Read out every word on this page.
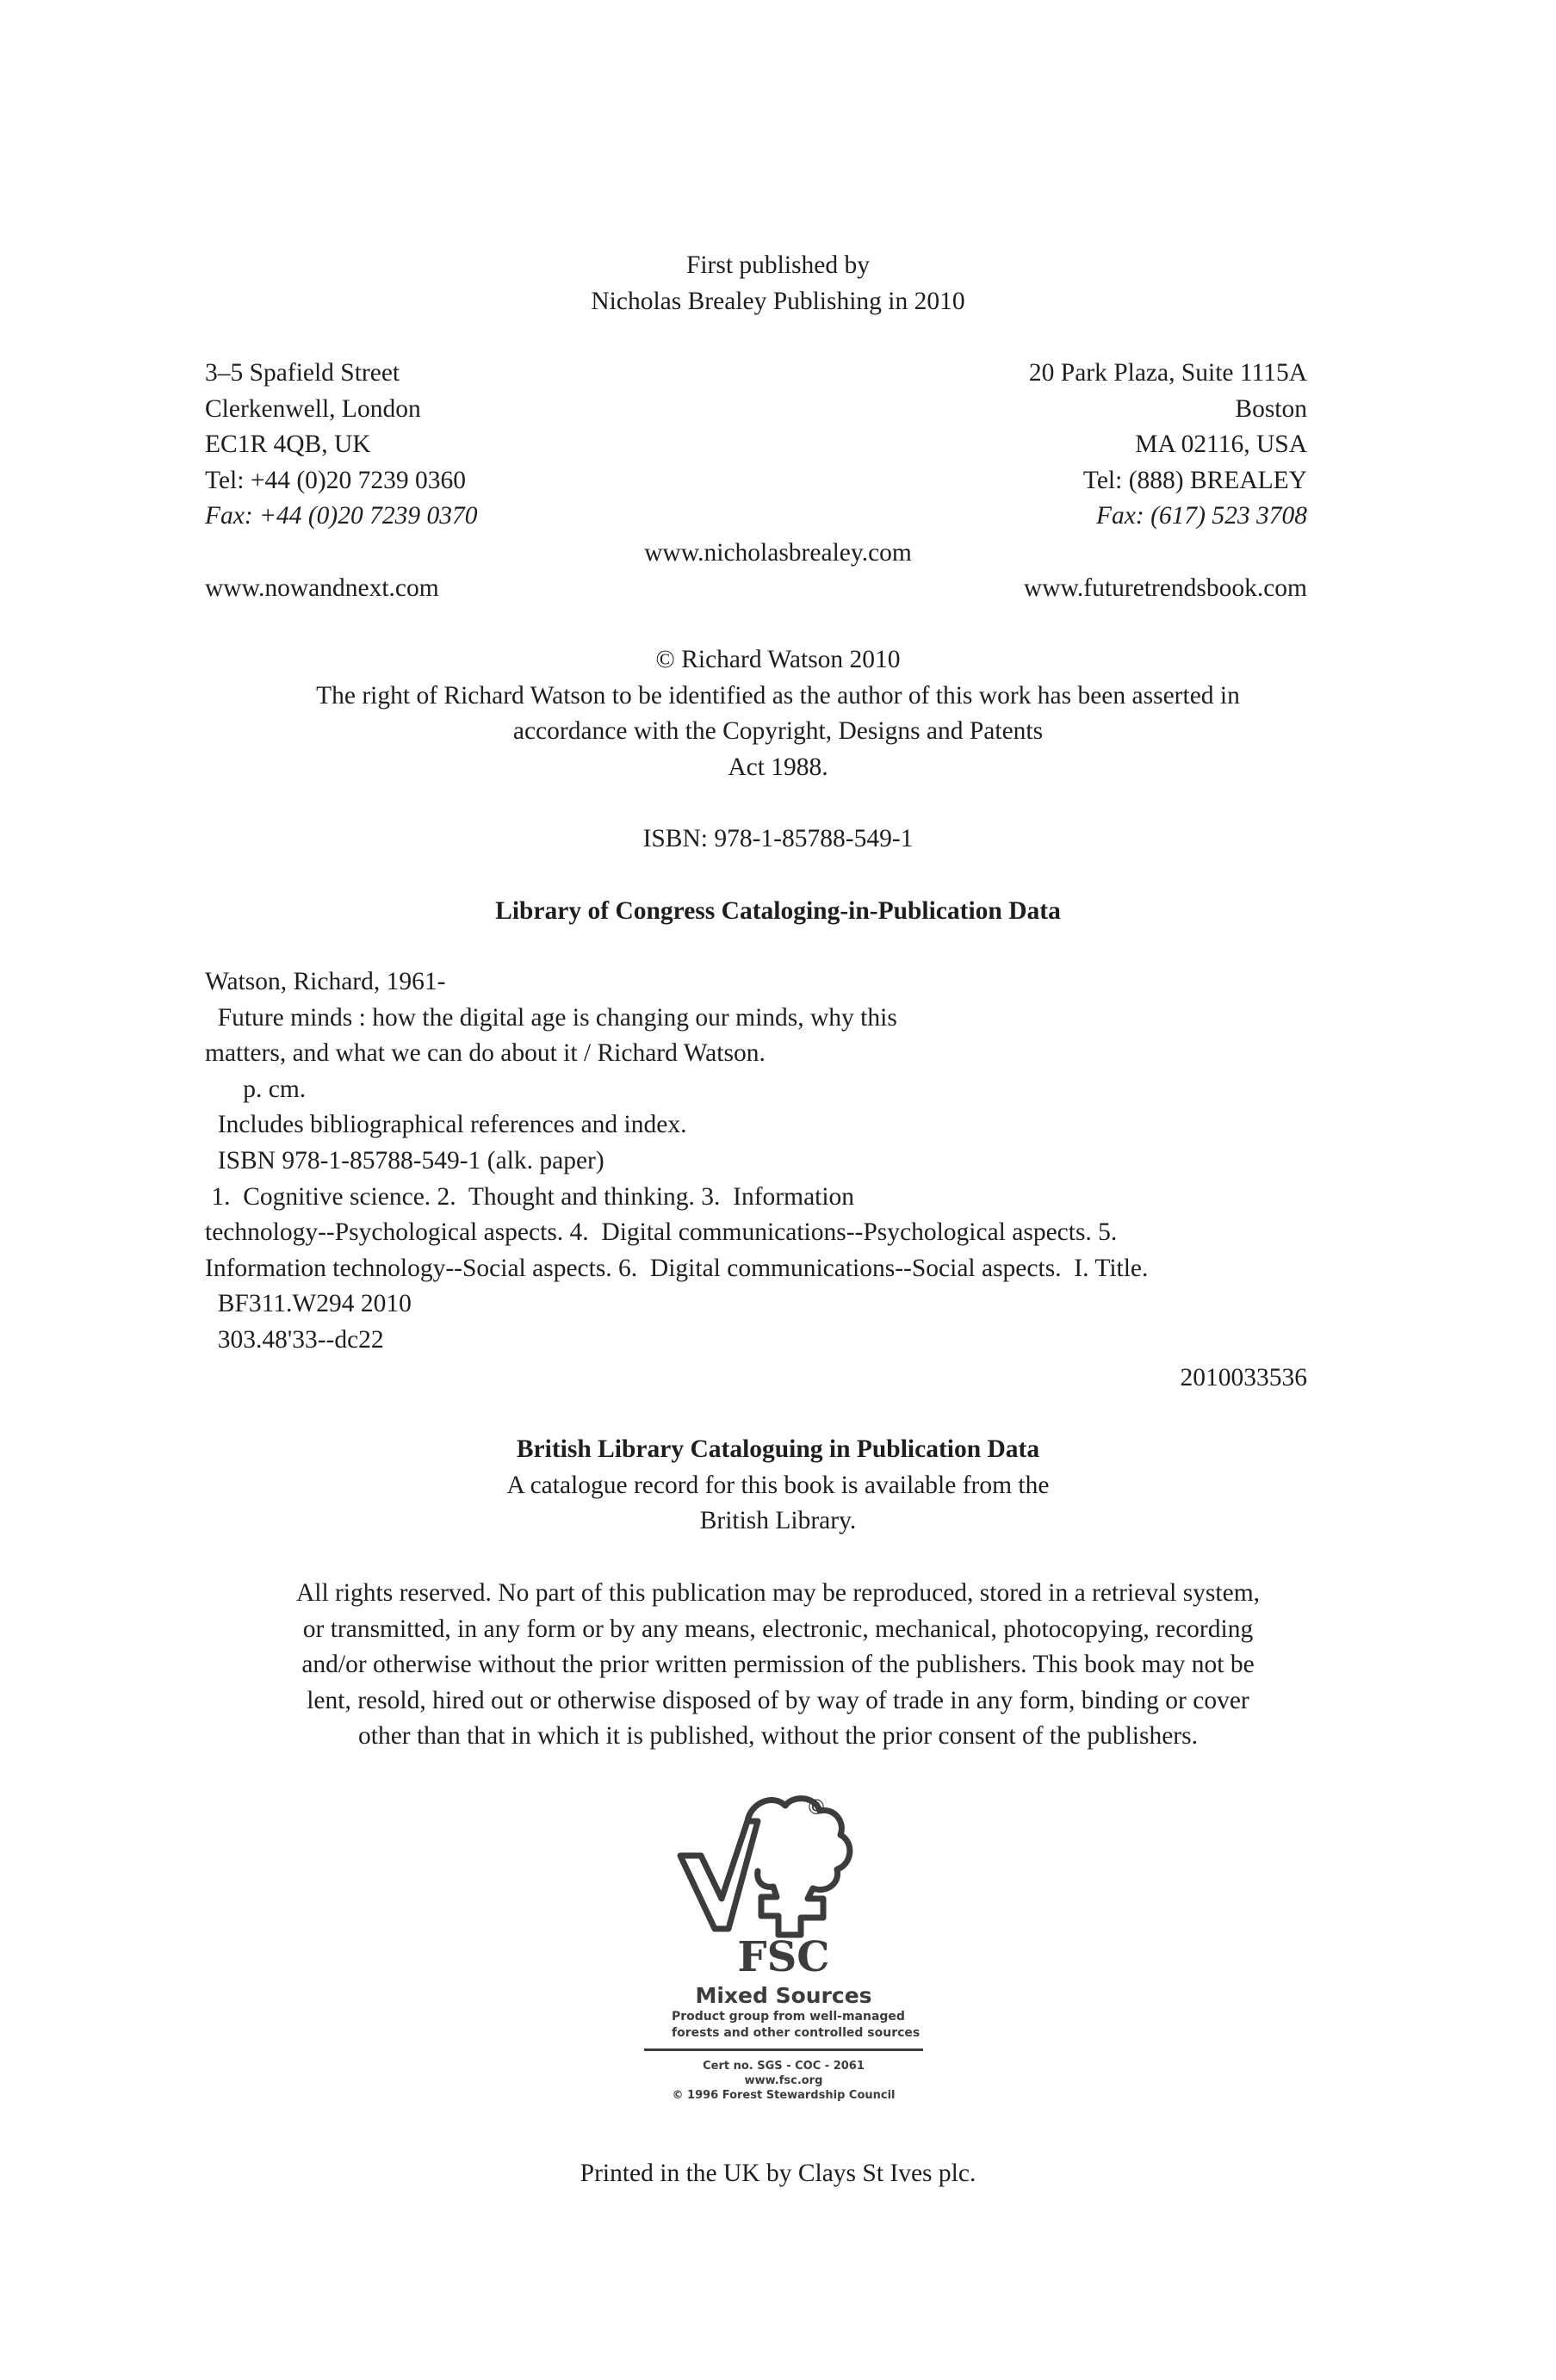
First published by
Nicholas Brealey Publishing in 2010
3–5 Spafield Street
Clerkenwell, London
EC1R 4QB, UK
Tel: +44 (0)20 7239 0360
Fax: +44 (0)20 7239 0370
www.nowandnext.com
20 Park Plaza, Suite 1115A
Boston
MA 02116, USA
Tel: (888) BREALEY
Fax: (617) 523 3708
www.futuretrendsbook.com
www.nicholasbrealey.com
© Richard Watson 2010
The right of Richard Watson to be identified as the author of this work has been asserted in
accordance with the Copyright, Designs and Patents
Act 1988.
ISBN: 978-1-85788-549-1
Library of Congress Cataloging-in-Publication Data
Watson, Richard, 1961-
Future minds : how the digital age is changing our minds, why this
matters, and what we can do about it / Richard Watson.
p. cm.
Includes bibliographical references and index.
ISBN 978-1-85788-549-1 (alk. paper)
1.  Cognitive science. 2.  Thought and thinking. 3.  Information
technology--Psychological aspects. 4.  Digital communications--Psychological aspects. 5.
Information technology--Social aspects. 6.  Digital communications--Social aspects.  I. Title.
BF311.W294 2010
303.48'33--dc22
2010033536
British Library Cataloguing in Publication Data
A catalogue record for this book is available from the
British Library.
All rights reserved. No part of this publication may be reproduced, stored in a retrieval system,
or transmitted, in any form or by any means, electronic, mechanical, photocopying, recording
and/or otherwise without the prior written permission of the publishers. This book may not be
lent, resold, hired out or otherwise disposed of by way of trade in any form, binding or cover
other than that in which it is published, without the prior consent of the publishers.
©
FSC
Mixed Sources
Product group from well-managed
forests and other controlled sources
Cert no. SGS - COC - 2061
www.fsc.org
© 1996 Forest Stewardship Council
Printed in the UK by Clays St Ives plc.
